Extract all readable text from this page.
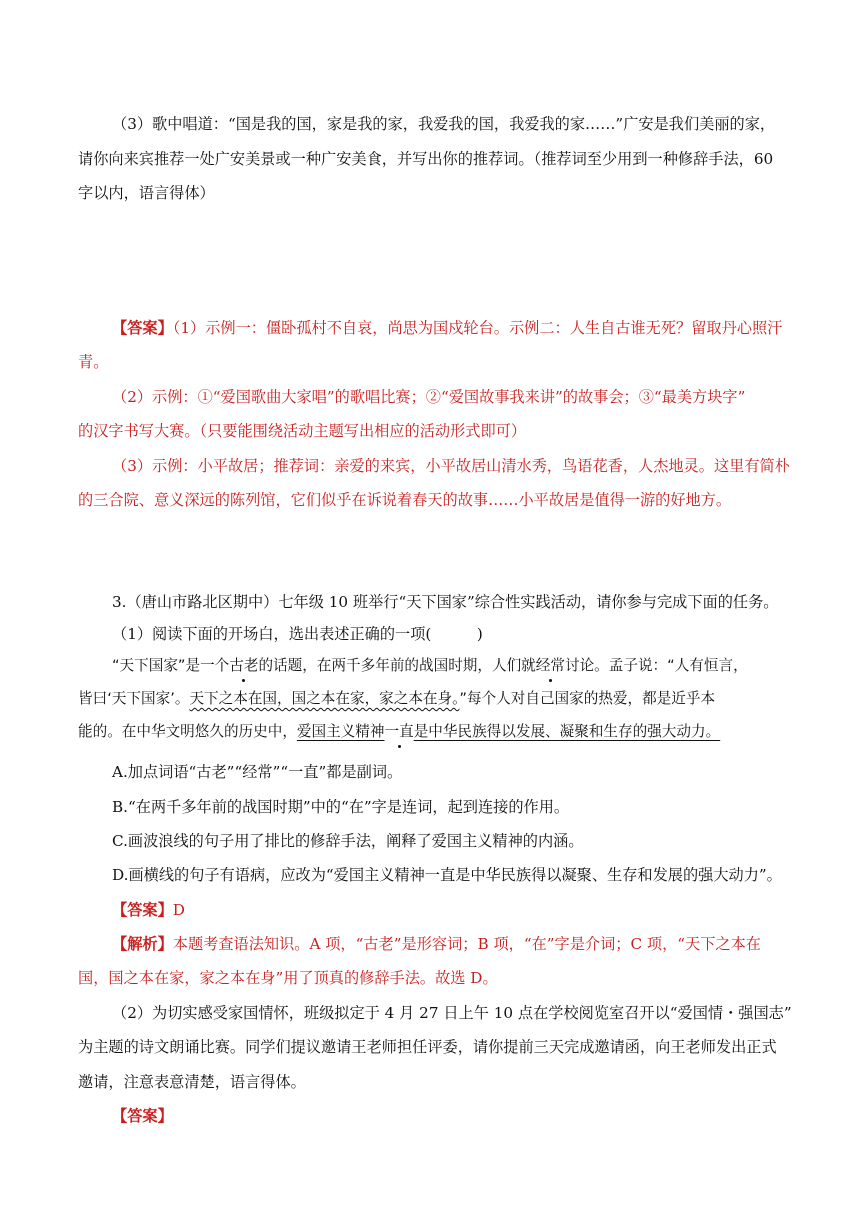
（3）歌中唱道：“国是我的国，家是我的家，我爱我的国，我爱我的家……”广安是我们美丽的家，
请你向来宾推荐一处广安美景或一种广安美食，并写出你的推荐词。（推荐词至少用到一种修辞手法，60
字以内，语言得体）
【答案】（1）示例一：僵卧孤村不自哀，尚思为国戍轮台。示例二：人生自古谁无死？留取丹心照汗
青。
（2）示例：①“爱国歌曲大家唱”的歌唱比赛；②“爱国故事我来讲”的故事会；③“最美方块字”
的汉字书写大赛。（只要能围绕活动主题写出相应的活动形式即可）
（3）示例：小平故居；推荐词：亲爱的来宾，小平故居山清水秀，鸟语花香，人杰地灵。这里有简朴
的三合院、意义深远的陈列馆，它们似乎在诉说着春天的故事……小平故居是值得一游的好地方。
3.（唐山市路北区期中）七年级 10 班举行“天下国家”综合性实践活动，请你参与完成下面的任务。
（1）阅读下面的开场白，选出表述正确的一项(　　　)
“天下国家”是一个古老的话题，在两千多年前的战国时期，人们就经常讨论。孟子说：“人有恒言，
皆曰‘天下国家’。天下之本在国，国之本在家，家之本在身。”每个人对自己国家的热爱，都是近乎本
能的。在中华文明悠久的历史中，爱国主义精神一直是中华民族得以发展、凝聚和生存的强大动力。
A.加点词语“古老”“经常”“一直”都是副词。
B.“在两千多年前的战国时期”中的“在”字是连词，起到连接的作用。
C.画波浪线的句子用了排比的修辞手法，阐释了爱国主义精神的内涵。
D.画横线的句子有语病，应改为“爱国主义精神一直是中华民族得以凝聚、生存和发展的强大动力”。
【答案】D
【解析】本题考查语法知识。A 项，“古老”是形容词；B 项，“在”字是介词；C 项，“天下之本在
国，国之本在家，家之本在身”用了顶真的修辞手法。故选 D。
（2）为切实感受家国情怀，班级拟定于 4 月 27 日上午 10 点在学校阅览室召开以“爱国情・强国志”
为主题的诗文朗诵比赛。同学们提议邀请王老师担任评委，请你提前三天完成邀请函，向王老师发出正式
邀请，注意表意清楚，语言得体。
【答案】
